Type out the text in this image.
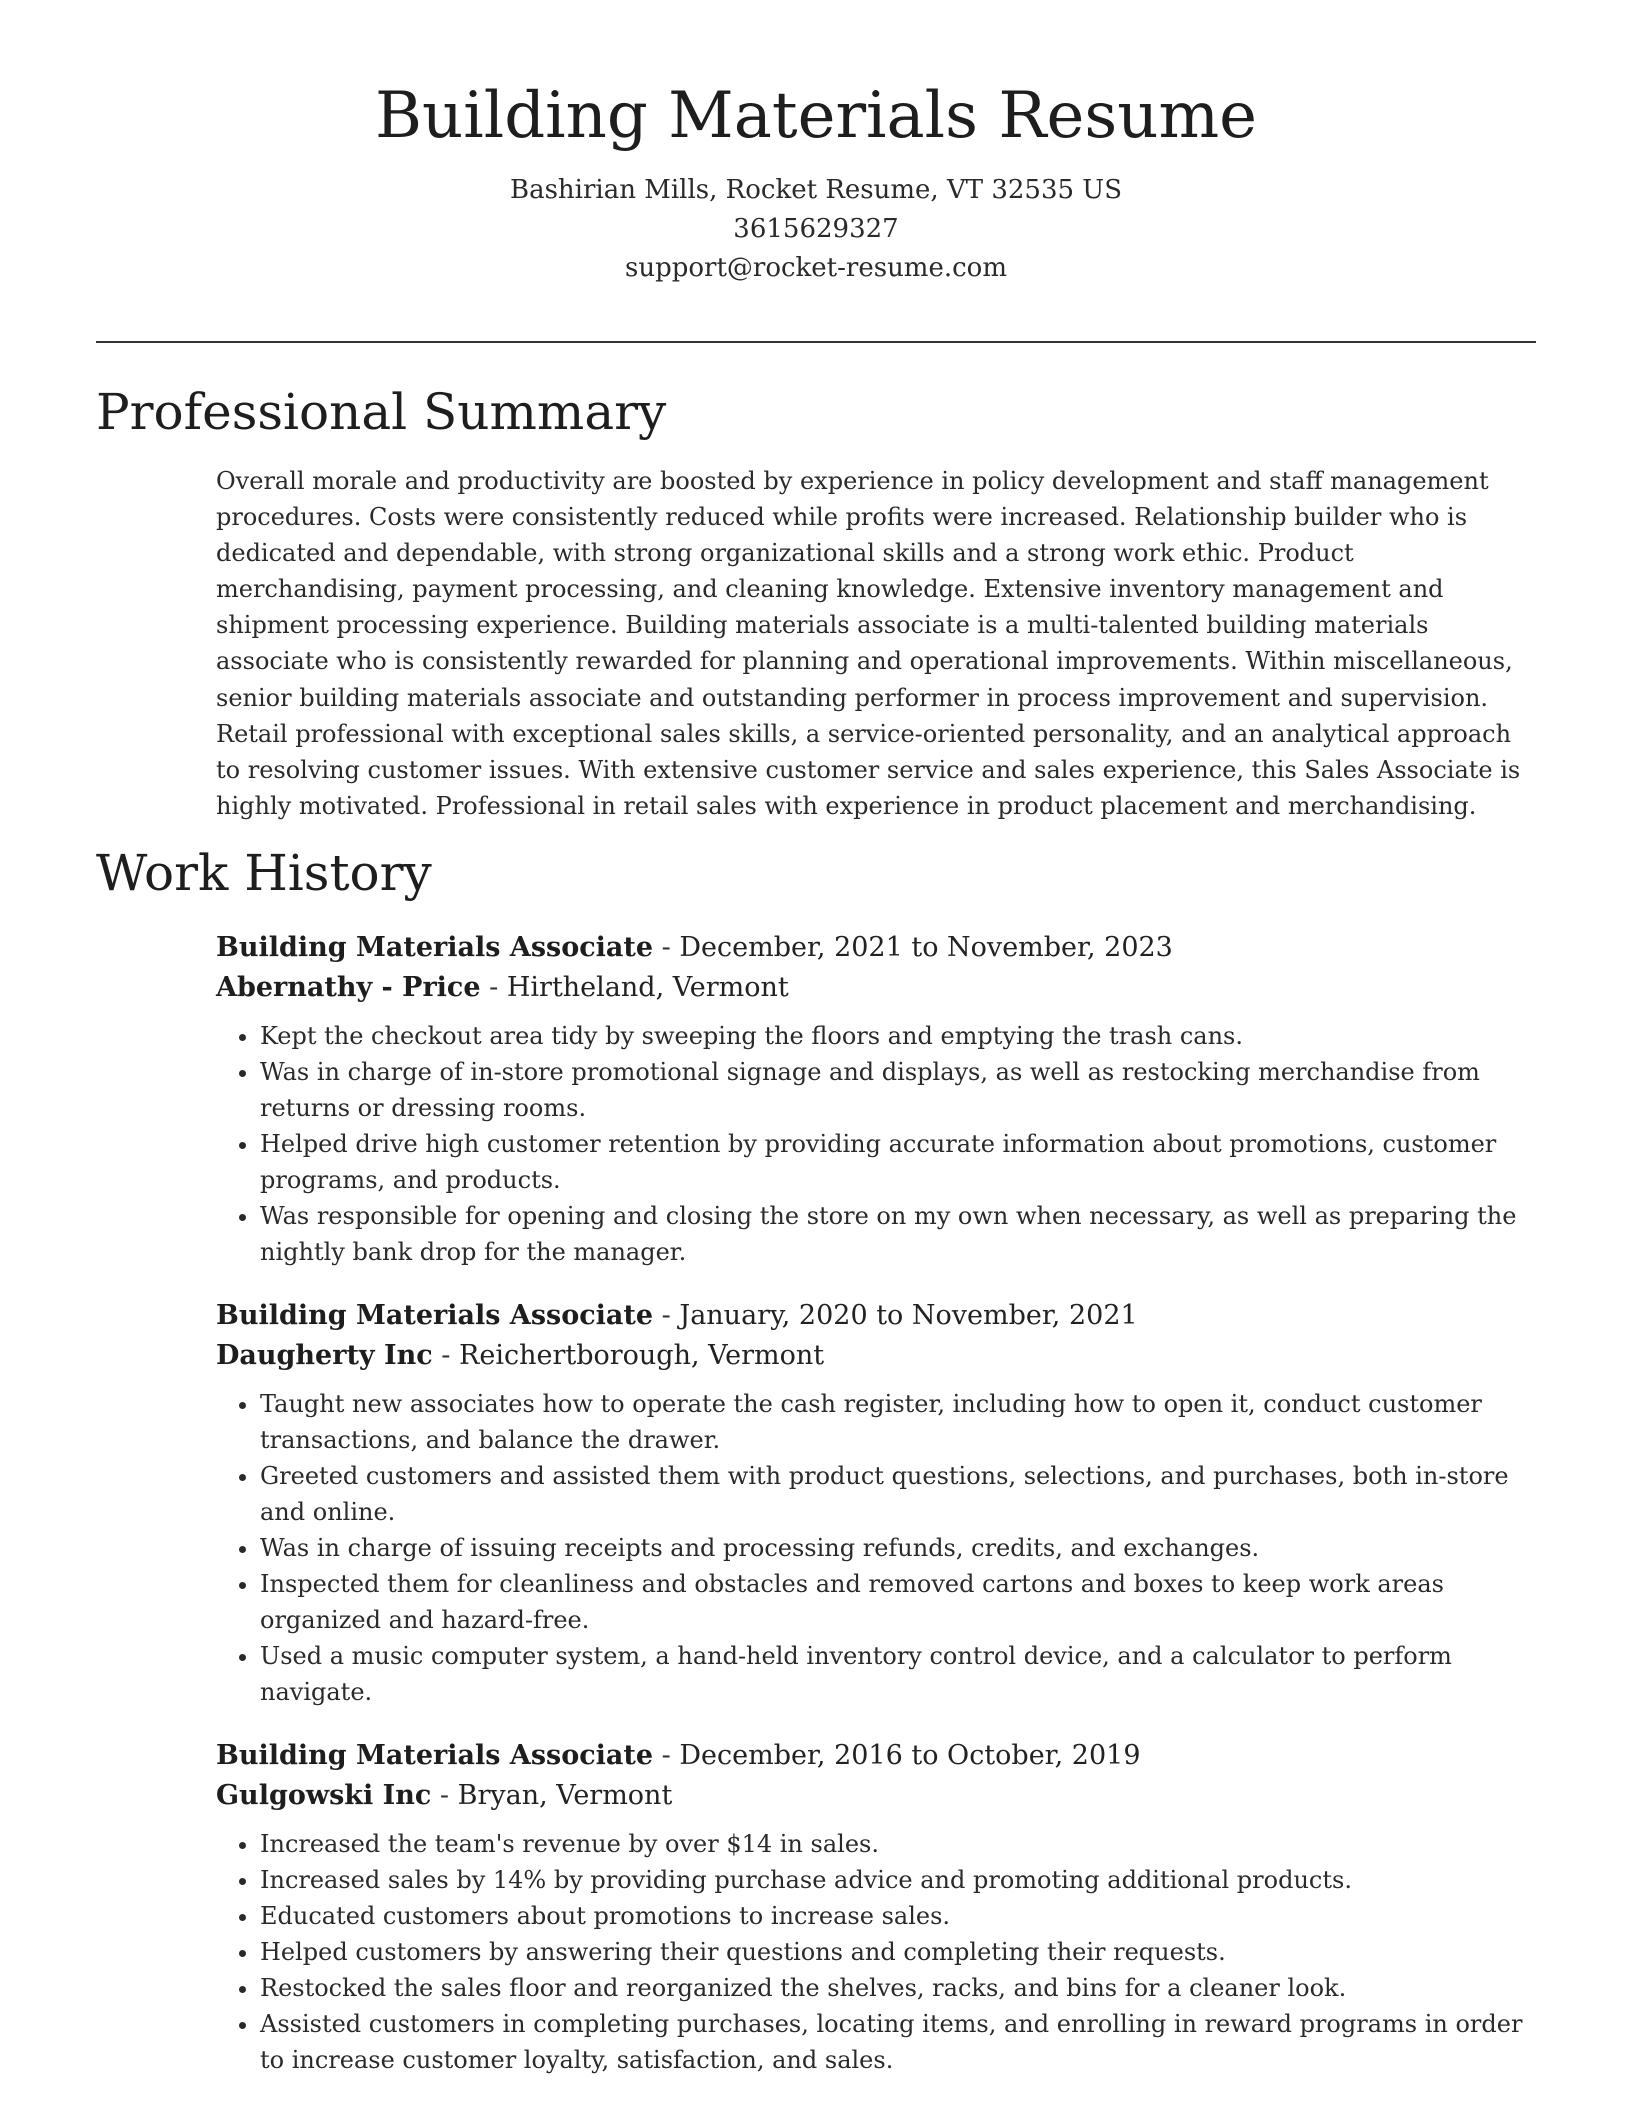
Building Materials Resume
Bashirian Mills, Rocket Resume, VT 32535 US
3615629327
support@rocket-resume.com
Professional Summary

Overall morale and productivity are boosted by experience in policy development and staff management procedures. Costs were consistently reduced while profits were increased. Relationship builder who is dedicated and dependable, with strong organizational skills and a strong work ethic. Product merchandising, payment processing, and cleaning knowledge. Extensive inventory management and shipment processing experience. Building materials associate is a multi-talented building materials associate who is consistently rewarded for planning and operational improvements. Within miscellaneous, senior building materials associate and outstanding performer in process improvement and supervision. Retail professional with exceptional sales skills, a service-oriented personality, and an analytical approach to resolving customer issues. With extensive customer service and sales experience, this Sales Associate is highly motivated. Professional in retail sales with experience in product placement and merchandising.

Work History
Building Materials Associate - December, 2021 to November, 2023
Abernathy - Price - Hirtheland, Vermont
• Kept the checkout area tidy by sweeping the floors and emptying the trash cans.
• Was in charge of in-store promotional signage and displays, as well as restocking merchandise from returns or dressing rooms.
• Helped drive high customer retention by providing accurate information about promotions, customer programs, and products.
• Was responsible for opening and closing the store on my own when necessary, as well as preparing the nightly bank drop for the manager.
Building Materials Associate - January, 2020 to November, 2021
Daugherty Inc - Reichertborough, Vermont
• Taught new associates how to operate the cash register, including how to open it, conduct customer transactions, and balance the drawer.
• Greeted customers and assisted them with product questions, selections, and purchases, both in-store and online.
• Was in charge of issuing receipts and processing refunds, credits, and exchanges.
• Inspected them for cleanliness and obstacles and removed cartons and boxes to keep work areas organized and hazard-free.
• Used a music computer system, a hand-held inventory control device, and a calculator to perform navigate.
Building Materials Associate - December, 2016 to October, 2019
Gulgowski Inc - Bryan, Vermont
• Increased the team's revenue by over $14 in sales.
• Increased sales by 14% by providing purchase advice and promoting additional products.
• Educated customers about promotions to increase sales.
• Helped customers by answering their questions and completing their requests.
• Restocked the sales floor and reorganized the shelves, racks, and bins for a cleaner look.
• Assisted customers in completing purchases, locating items, and enrolling in reward programs in order to increase customer loyalty, satisfaction, and sales.
